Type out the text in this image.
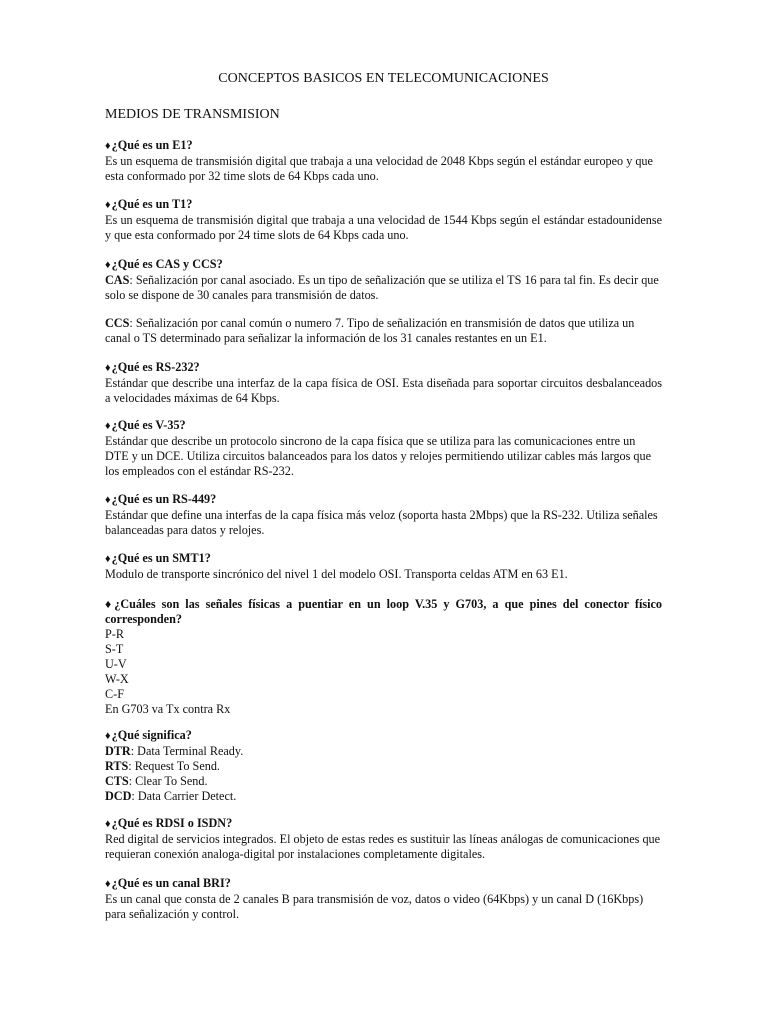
CONCEPTOS BASICOS EN TELECOMUNICACIONES
MEDIOS DE TRANSMISION
♦¿Qué es un E1?

Es un esquema de transmisión digital que trabaja a una velocidad de 2048 Kbps según el estándar europeo y que esta conformado por 32 time slots de 64 Kbps cada uno.

♦¿Qué es un T1?

Es un esquema de transmisión digital que trabaja a una velocidad de 1544 Kbps según el estándar estadounidense y que esta conformado por 24 time slots de 64 Kbps cada uno.

♦¿Qué es CAS y CCS?

CAS: Señalización por canal asociado. Es un tipo de señalización que se utiliza el TS 16 para tal fin. Es decir que solo se dispone de 30 canales para transmisión de datos.

CCS: Señalización por canal común o numero 7. Tipo de señalización en transmisión de datos que utiliza un canal o TS determinado para señalizar la información de los 31 canales restantes en un E1.

♦¿Qué es RS-232?

Estándar que describe una interfaz de la capa física de OSI. Esta diseñada para soportar circuitos desbalanceados a velocidades máximas de 64 Kbps.

♦¿Qué es V-35?

Estándar que describe un protocolo sincrono de la capa física que se utiliza para las comunicaciones entre un DTE y un DCE. Utiliza circuitos balanceados para los datos y relojes permitiendo utilizar cables más largos que los empleados con el estándar RS-232.

♦¿Qué es un RS-449?

Estándar que define una interfas de la capa física más veloz (soporta hasta 2Mbps) que la RS-232. Utiliza señales balanceadas para datos y relojes.

♦¿Qué es un SMT1?

Modulo de transporte sincrónico del nivel 1 del modelo OSI. Transporta celdas ATM en 63 E1.

♦¿Cuáles son las señales físicas a puentiar en un loop V.35 y G703, a que pines del conector físico corresponden?

P-R

S-T

U-V

W-X

C-F

En G703 va Tx contra Rx

♦¿Qué significa?

DTR: Data Terminal Ready.

RTS: Request To Send.

CTS: Clear To Send.

DCD: Data Carrier Detect.

♦¿Qué es RDSI o ISDN?

Red digital de servicios integrados. El objeto de estas redes es sustituir las líneas análogas de comunicaciones que requieran conexión analoga-digital por instalaciones completamente digitales.

♦¿Qué es un canal BRI?

Es un canal que consta de 2 canales B para transmisión de voz, datos o video (64Kbps) y un canal D (16Kbps) para señalización y control.
